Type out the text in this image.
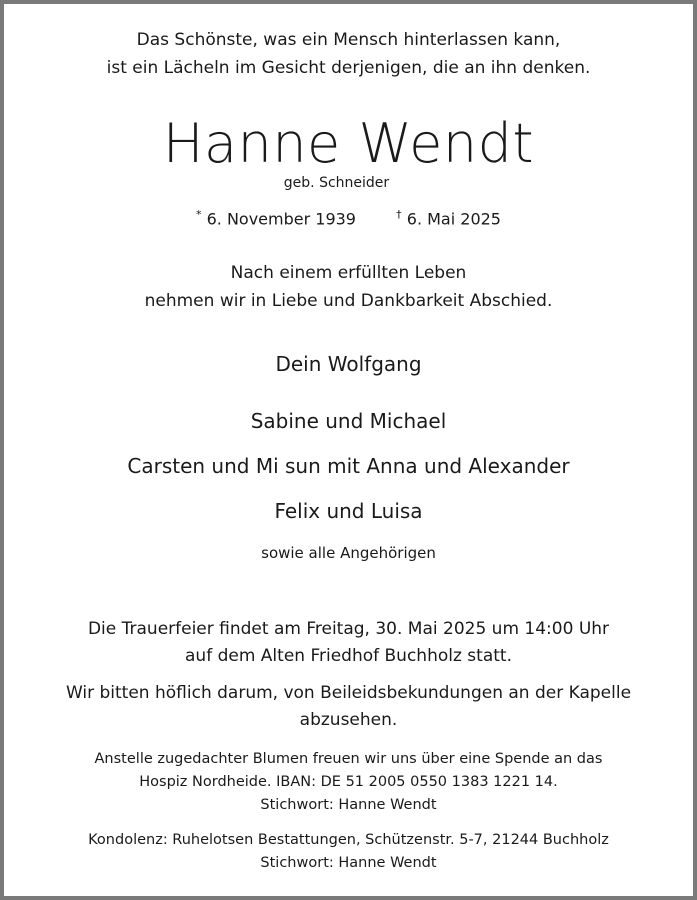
Das Schönste, was ein Mensch hinterlassen kann,
ist ein Lächeln im Gesicht derjenigen, die an ihn denken.
Hanne Wendt
geb. Schneider
* 6. November 1939	† 6. Mai 2025
Nach einem erfüllten Leben
nehmen wir in Liebe und Dankbarkeit Abschied.
Dein Wolfgang
Sabine und Michael
Carsten und Mi sun mit Anna und Alexander
Felix und Luisa
sowie alle Angehörigen
Die Trauerfeier findet am Freitag, 30. Mai 2025 um 14:00 Uhr
auf dem Alten Friedhof Buchholz statt.
Wir bitten höflich darum, von Beileidsbekundungen an der Kapelle
abzusehen.
Anstelle zugedachter Blumen freuen wir uns über eine Spende an das
Hospiz Nordheide. IBAN: DE 51 2005 0550 1383 1221 14.
Stichwort: Hanne Wendt
Kondolenz: Ruhelotsen Bestattungen, Schützenstr. 5-7, 21244 Buchholz
Stichwort: Hanne Wendt
